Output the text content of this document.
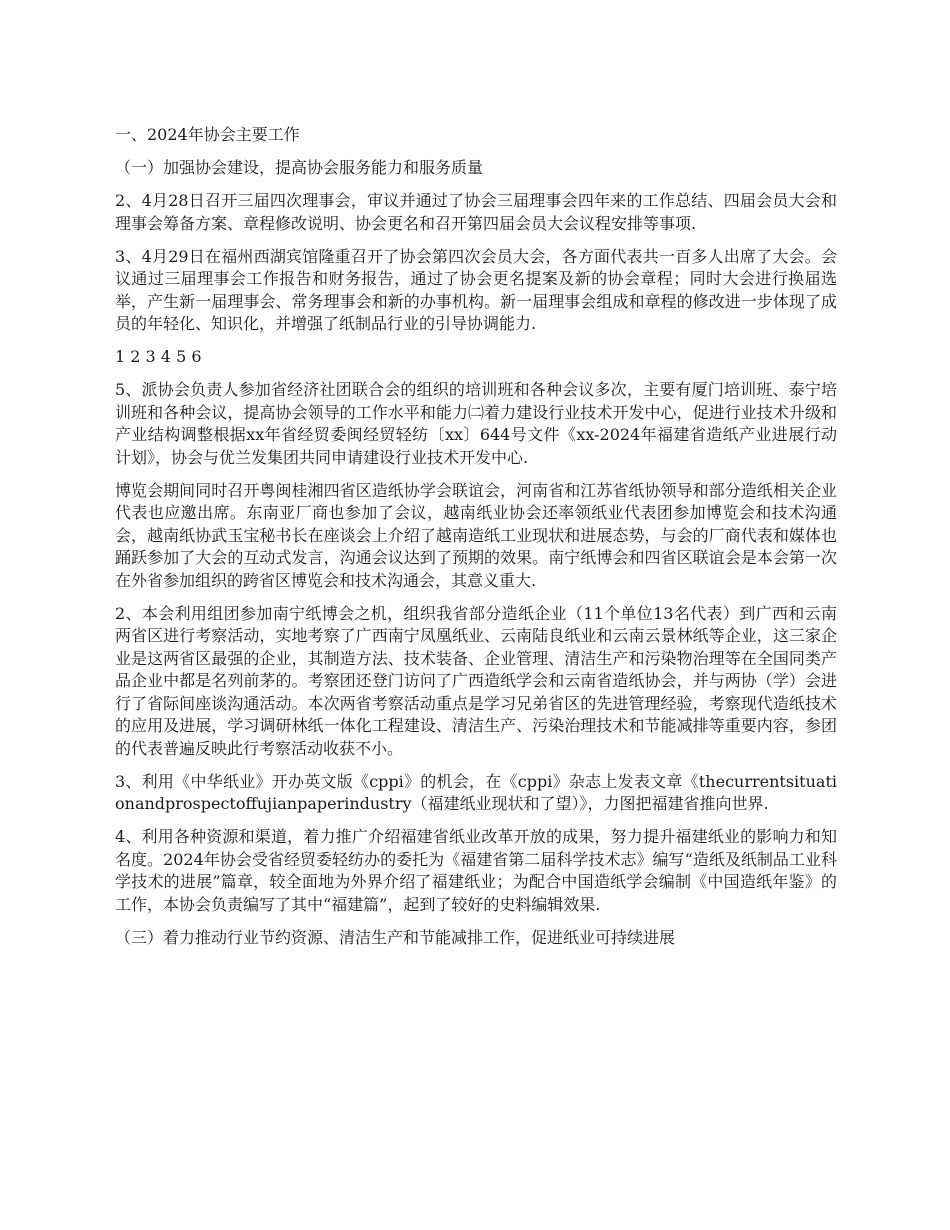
一、2024年协会主要工作

（一）加强协会建设，提高协会服务能力和服务质量

2、4月28日召开三届四次理事会，审议并通过了协会三届理事会四年来的工作总结、四届会员大会和理事会筹备方案、章程修改说明、协会更名和召开第四届会员大会议程安排等事项.

3、4月29日在福州西湖宾馆隆重召开了协会第四次会员大会，各方面代表共一百多人出席了大会。会议通过三届理事会工作报告和财务报告，通过了协会更名提案及新的协会章程；同时大会进行换届选举，产生新一届理事会、常务理事会和新的办事机构。新一届理事会组成和章程的修改进一步体现了成员的年轻化、知识化，并增强了纸制品行业的引导协调能力.

1 2 3 4 5 6

5、派协会负责人参加省经济社团联合会的组织的培训班和各种会议多次，主要有厦门培训班、泰宁培训班和各种会议，提高协会领导的工作水平和能力㈡着力建设行业技术开发中心，促进行业技术升级和产业结构调整根据xx年省经贸委闽经贸轻纺〔xx〕644号文件《xx-2024年福建省造纸产业进展行动计划》，协会与优兰发集团共同申请建设行业技术开发中心.

博览会期间同时召开粤闽桂湘四省区造纸协学会联谊会，河南省和江苏省纸协领导和部分造纸相关企业代表也应邀出席。东南亚厂商也参加了会议，越南纸业协会还率领纸业代表团参加博览会和技术沟通会，越南纸协武玉宝秘书长在座谈会上介绍了越南造纸工业现状和进展态势，与会的厂商代表和媒体也踊跃参加了大会的互动式发言，沟通会议达到了预期的效果。南宁纸博会和四省区联谊会是本会第一次在外省参加组织的跨省区博览会和技术沟通会，其意义重大.

2、本会利用组团参加南宁纸博会之机，组织我省部分造纸企业（11个单位13名代表）到广西和云南两省区进行考察活动，实地考察了广西南宁凤凰纸业、云南陆良纸业和云南云景林纸等企业，这三家企业是这两省区最强的企业，其制造方法、技术装备、企业管理、清洁生产和污染物治理等在全国同类产品企业中都是名列前茅的。考察团还登门访问了广西造纸学会和云南省造纸协会，并与两协（学）会进行了省际间座谈沟通活动。本次两省考察活动重点是学习兄弟省区的先进管理经验，考察现代造纸技术的应用及进展，学习调研林纸一体化工程建设、清洁生产、污染治理技术和节能减排等重要内容，参团的代表普遍反映此行考察活动收获不小。

3、利用《中华纸业》开办英文版《cppi》的机会，在《cppi》杂志上发表文章《thecurrentsituationandprospectoffujianpaperindustry（福建纸业现状和了望）》，力图把福建省推向世界.

4、利用各种资源和渠道，着力推广介绍福建省纸业改革开放的成果，努力提升福建纸业的影响力和知名度。2024年协会受省经贸委轻纺办的委托为《福建省第二届科学技术志》编写“造纸及纸制品工业科学技术的进展”篇章，较全面地为外界介绍了福建纸业；为配合中国造纸学会编制《中国造纸年鉴》的工作，本协会负责编写了其中“福建篇”，起到了较好的史料编辑效果.

（三）着力推动行业节约资源、清洁生产和节能减排工作，促进纸业可持续进展
